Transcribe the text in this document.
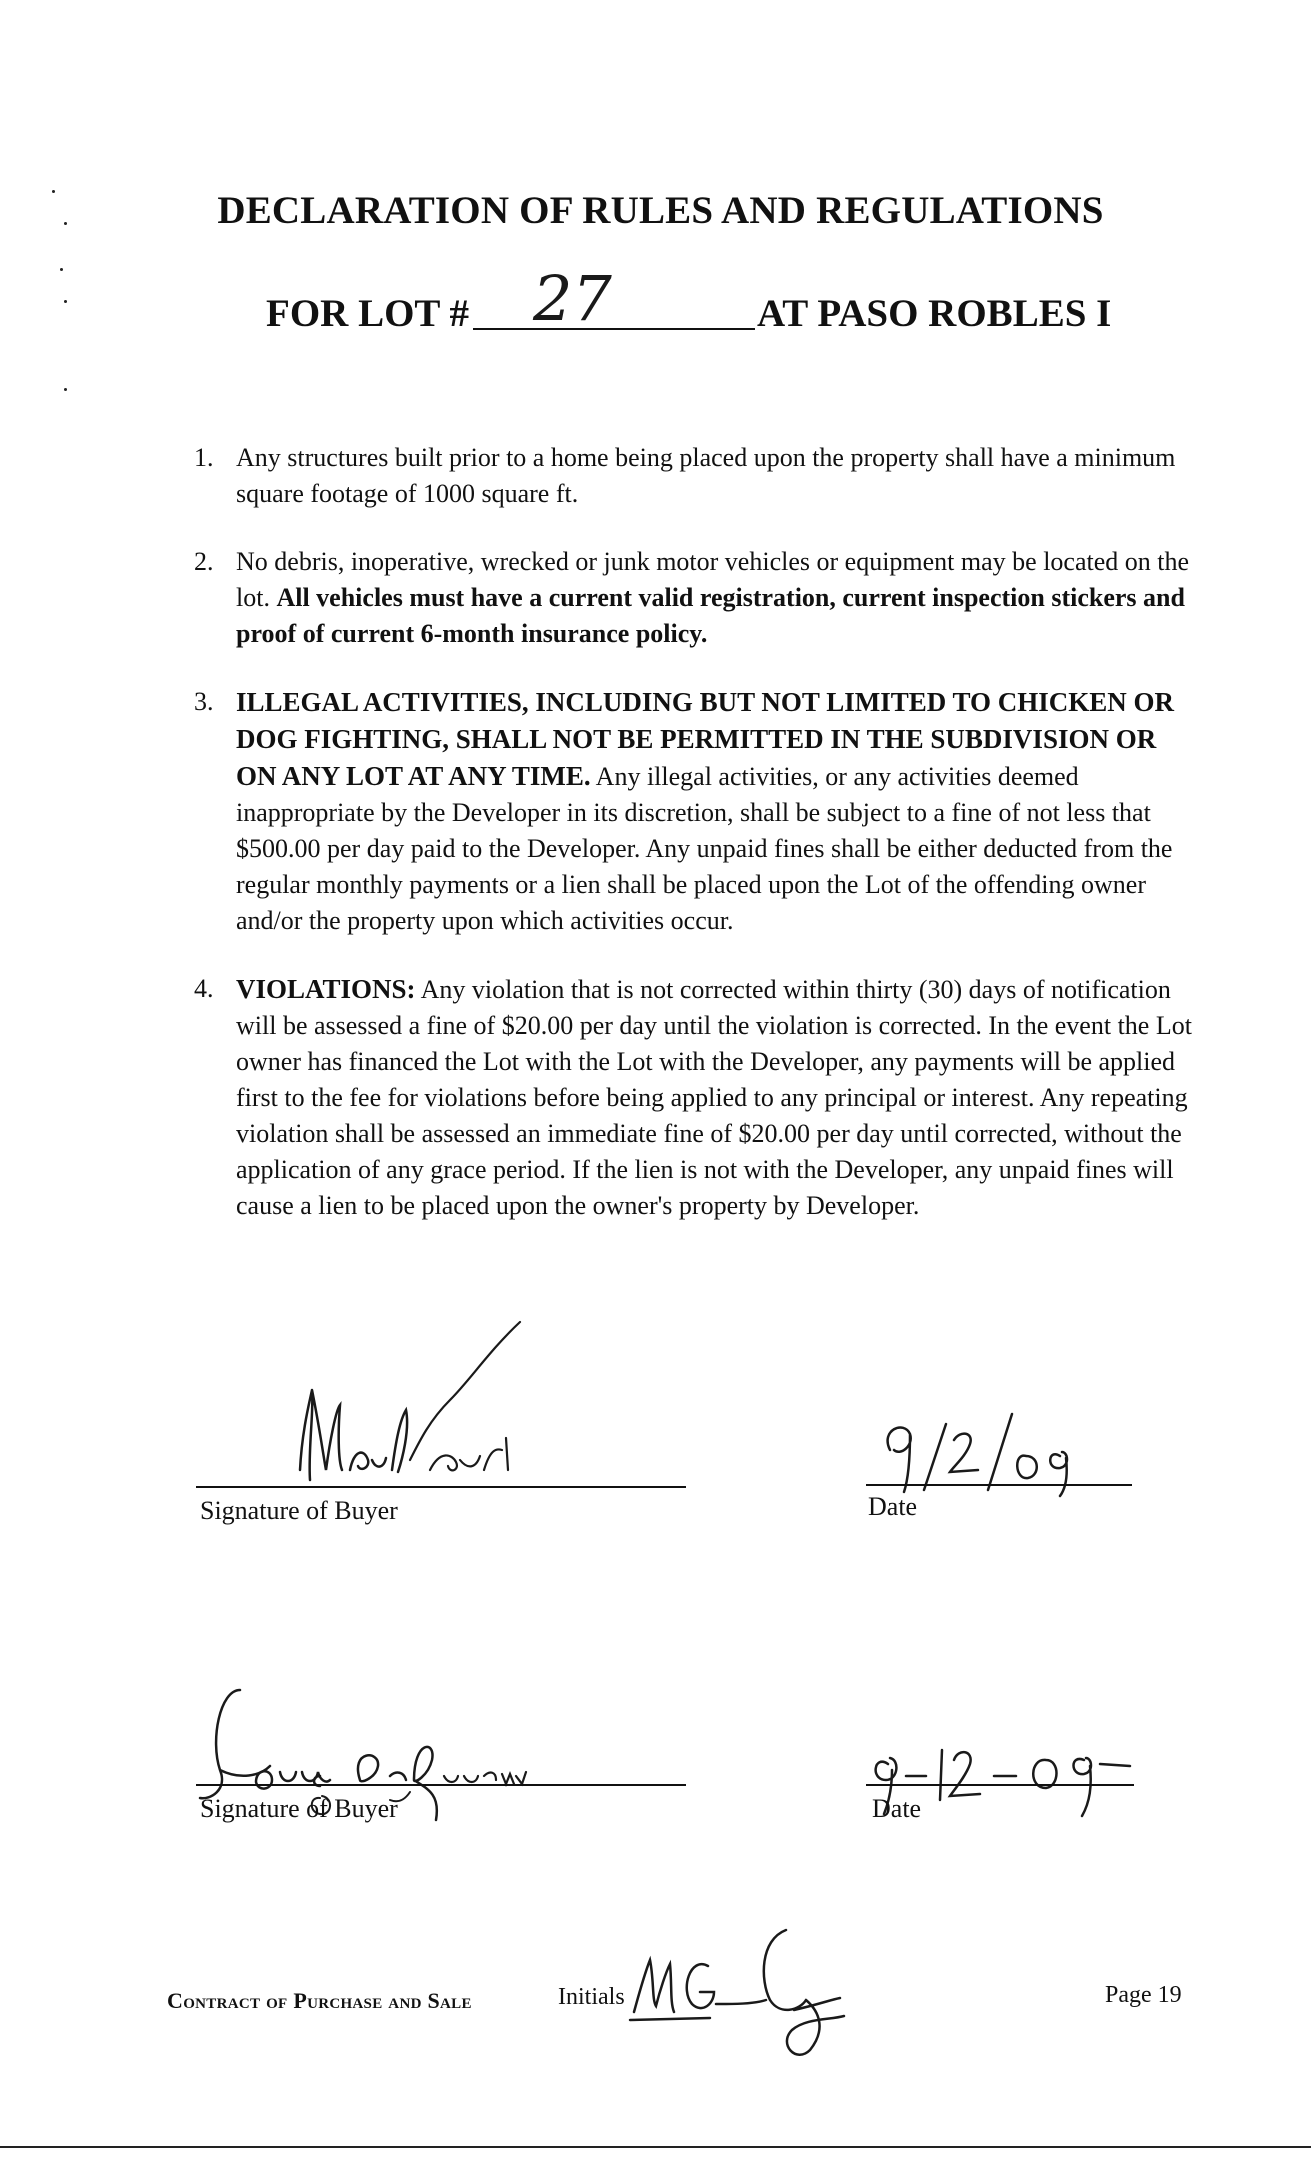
DECLARATION OF RULES AND REGULATIONS
FOR LOT # 27	AT PASO ROBLES I
1. Any structures built prior to a home being placed upon the property shall have a minimum square footage of 1000 square ft.
2. No debris, inoperative, wrecked or junk motor vehicles or equipment may be located on the lot. All vehicles must have a current valid registration, current inspection stickers and proof of current 6-month insurance policy.
3. ILLEGAL ACTIVITIES, INCLUDING BUT NOT LIMITED TO CHICKEN OR DOG FIGHTING, SHALL NOT BE PERMITTED IN THE SUBDIVISION OR ON ANY LOT AT ANY TIME. Any illegal activities, or any activities deemed inappropriate by the Developer in its discretion, shall be subject to a fine of not less that $500.00 per day paid to the Developer. Any unpaid fines shall be either deducted from the regular monthly payments or a lien shall be placed upon the Lot of the offending owner and/or the property upon which activities occur.
4. VIOLATIONS: Any violation that is not corrected within thirty (30) days of notification will be assessed a fine of $20.00 per day until the violation is corrected. In the event the Lot owner has financed the Lot with the Lot with the Developer, any payments will be applied first to the fee for violations before being applied to any principal or interest. Any repeating violation shall be assessed an immediate fine of $20.00 per day until corrected, without the application of any grace period. If the lien is not with the Developer, any unpaid fines will cause a lien to be placed upon the owner's property by Developer.
Signature of Buyer	Date
Signature of Buyer	Date
Contract of Purchase and Sale	Initials	Page 19
